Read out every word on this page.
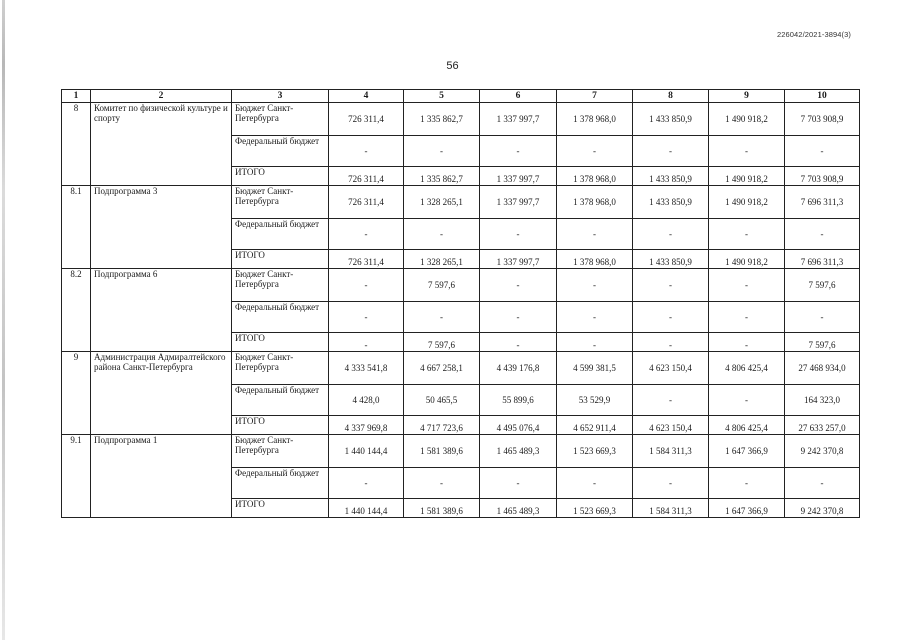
226042/2021-3894(3)
56
1	2	3	4	5	6	7	8	9	10
8	Комитет по физической культуре и спорту	Бюджет Санкт-Петербурга	726 311,4	1 335 862,7	1 337 997,7	1 378 968,0	1 433 850,9	1 490 918,2	7 703 908,9
		Федеральный бюджет	-	-	-	-	-	-	-
		ИТОГО	726 311,4	1 335 862,7	1 337 997,7	1 378 968,0	1 433 850,9	1 490 918,2	7 703 908,9
8.1	Подпрограмма 3	Бюджет Санкт-Петербурга	726 311,4	1 328 265,1	1 337 997,7	1 378 968,0	1 433 850,9	1 490 918,2	7 696 311,3
		Федеральный бюджет	-	-	-	-	-	-	-
		ИТОГО	726 311,4	1 328 265,1	1 337 997,7	1 378 968,0	1 433 850,9	1 490 918,2	7 696 311,3
8.2	Подпрограмма 6	Бюджет Санкт-Петербурга	-	7 597,6	-	-	-	-	7 597,6
		Федеральный бюджет	-	-	-	-	-	-	-
		ИТОГО	-	7 597,6	-	-	-	-	7 597,6
9	Администрация Адмиралтейского района Санкт-Петербурга	Бюджет Санкт-Петербурга	4 333 541,8	4 667 258,1	4 439 176,8	4 599 381,5	4 623 150,4	4 806 425,4	27 468 934,0
		Федеральный бюджет	4 428,0	50 465,5	55 899,6	53 529,9	-	-	164 323,0
		ИТОГО	4 337 969,8	4 717 723,6	4 495 076,4	4 652 911,4	4 623 150,4	4 806 425,4	27 633 257,0
9.1	Подпрограмма 1	Бюджет Санкт-Петербурга	1 440 144,4	1 581 389,6	1 465 489,3	1 523 669,3	1 584 311,3	1 647 366,9	9 242 370,8
		Федеральный бюджет	-	-	-	-	-	-	-
		ИТОГО	1 440 144,4	1 581 389,6	1 465 489,3	1 523 669,3	1 584 311,3	1 647 366,9	9 242 370,8
